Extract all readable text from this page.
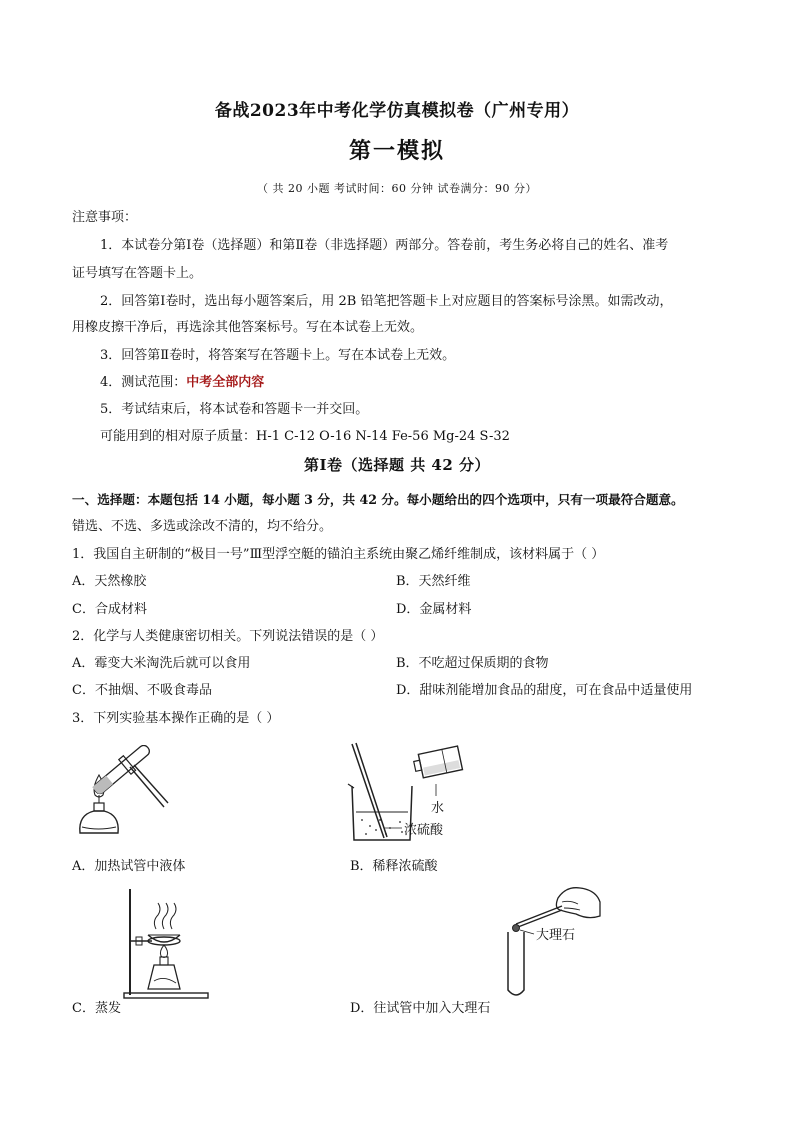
备战2023年中考化学仿真模拟卷（广州专用）
第一模拟
（ 共 20 小题 考试时间：60 分钟 试卷满分：90 分）
注意事项：
1．本试卷分第Ⅰ卷（选择题）和第Ⅱ卷（非选择题）两部分。答卷前，考生务必将自己的姓名、准考
证号填写在答题卡上。
2．回答第Ⅰ卷时，选出每小题答案后，用 2B 铅笔把答题卡上对应题目的答案标号涂黑。如需改动，
用橡皮擦干净后，再选涂其他答案标号。写在本试卷上无效。
3．回答第Ⅱ卷时，将答案写在答题卡上。写在本试卷上无效。
4．测试范围：中考全部内容
5．考试结束后，将本试卷和答题卡一并交回。
可能用到的相对原子质量：H-1 C-12 O-16 N-14 Fe-56 Mg-24 S-32
第Ⅰ卷（选择题 共 42 分）
一、选择题：本题包括 14 小题，每小题 3 分，共 42 分。每小题给出的四个选项中，只有一项最符合题意。
错选、不选、多选或涂改不清的，均不给分。
1．我国自主研制的“极目一号”Ⅲ型浮空艇的锚泊主系统由聚乙烯纤维制成，该材料属于（ ）
A．天然橡胶	B．天然纤维
C．合成材料	D．金属材料
2．化学与人类健康密切相关。下列说法错误的是（ ）
A．霉变大米淘洗后就可以食用	B．不吃超过保质期的食物
C．不抽烟、不吸食毒品	D．甜味剂能增加食品的甜度，可在食品中适量使用
3．下列实验基本操作正确的是（ ）
A．加热试管中液体
水
浓硫酸
B．稀释浓硫酸
C．蒸发
大理石
D．往试管中加入大理石
